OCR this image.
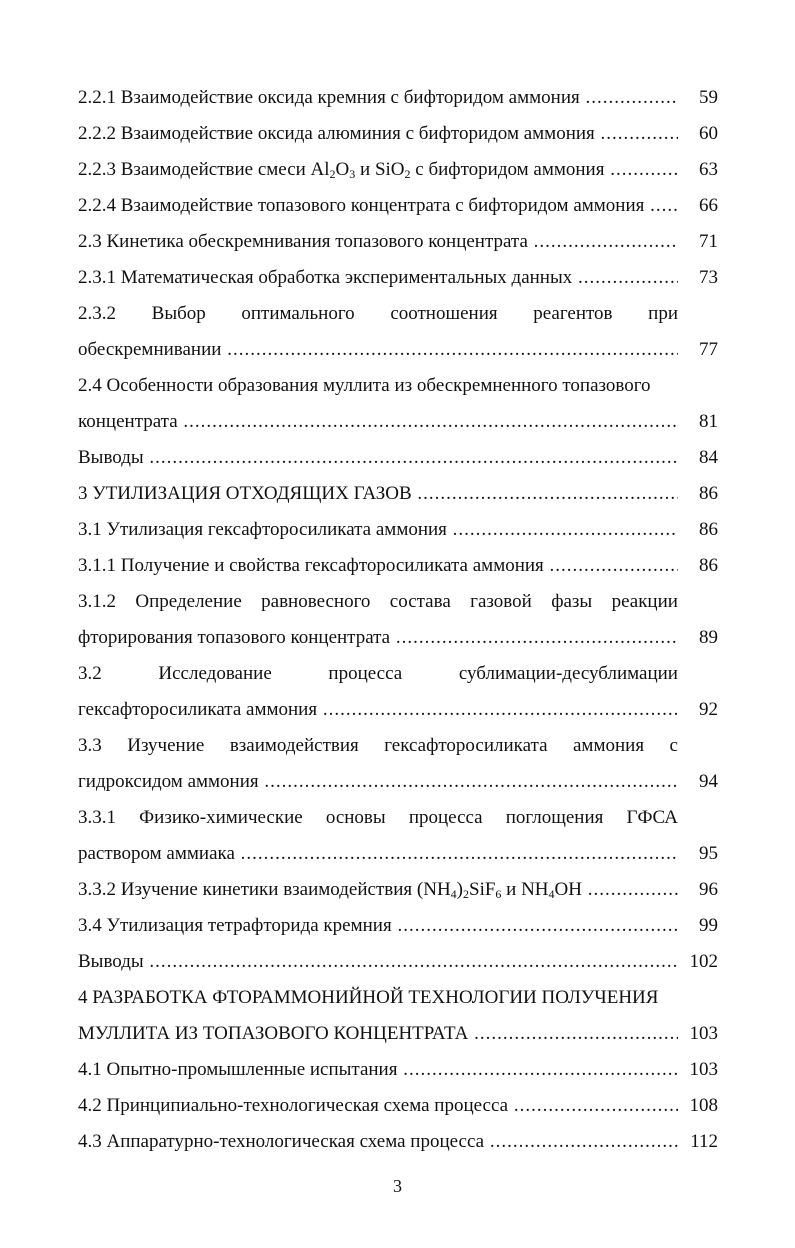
2.2.1 Взаимодействие оксида кремния с бифторидом аммония .....	59
2.2.2 Взаимодействие оксида алюминия с бифторидом аммония .....	60
2.2.3 Взаимодействие смеси $Al_2O_3$ и SiO$_2$ с бифторидом аммония .....	63
2.2.4 Взаимодействие топазового концентрата с бифторидом аммония .....	66
2.3 Кинетика обескремнивания топазового концентрата .....	71
2.3.1 Математическая обработка экспериментальных данных .....	73
2.3.2 Выбор оптимального соотношения реагентов при
обескремнивании .....	77
2.4 Особенности образования муллита из обескремненного топазового
концентрата .....	81
Выводы .....	84
3 УТИЛИЗАЦИЯ ОТХОДЯЩИХ ГАЗОВ .....	86
3.1 Утилизация гексафторосиликата аммония .....	86
3.1.1 Получение и свойства гексафторосиликата аммония .....	86
3.1.2 Определение равновесного состава газовой фазы реакции
фторирования топазового концентрата .....	89
3.2	Исследование	процесса	сублимации-десублимации
гексафторосиликата аммония .....	92
3.3 Изучение взаимодействия гексафторосиликата аммония с
гидроксидом аммония .....	94
3.3.1 Физико-химические основы процесса поглощения ГФСА
раствором аммиака .....	95
3.3.2 Изучение кинетики взаимодействия $(NH_4)_2SiF_6$ и $NH_4OH$ .....	96
3.4 Утилизация тетрафторида кремния .....	99
Выводы .....	102
4 РАЗРАБОТКА ФТОРАММОНИЙНОЙ ТЕХНОЛОГИИ ПОЛУЧЕНИЯ
МУЛЛИТА ИЗ ТОПАЗОВОГО КОНЦЕНТРАТА .....	103
4.1 Опытно-промышленные испытания .....	103
4.2 Принципиально-технологическая схема процесса .....	108
4.3 Аппаратурно-технологическая схема процесса .....	112
3
